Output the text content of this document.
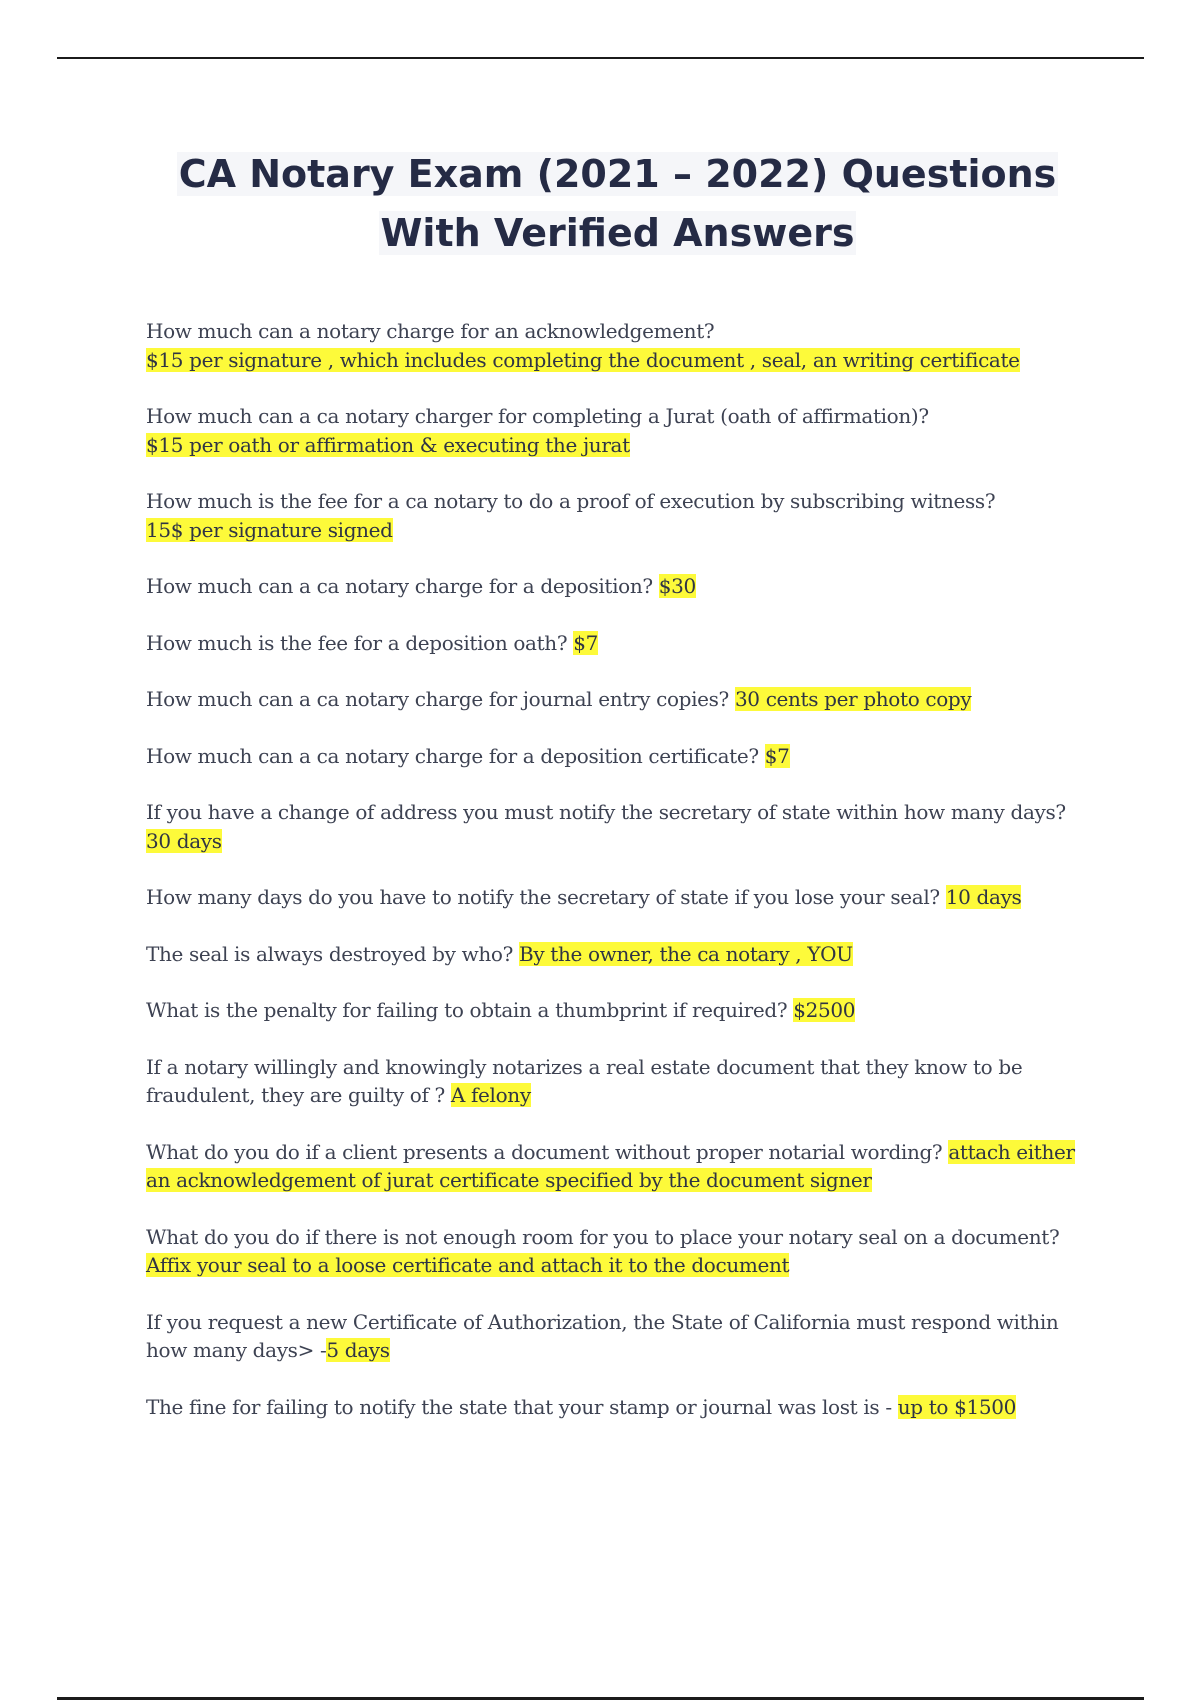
CA Notary Exam (2021 – 2022) Questions
With Verified Answers
How much can a notary charge for an acknowledgement?
$15 per signature , which includes completing the document , seal, an writing certificate
How much can a ca notary charger for completing a Jurat (oath of affirmation)?
$15 per oath or affirmation & executing the jurat
How much is the fee for a ca notary to do a proof of execution by subscribing witness?
15$ per signature signed
How much can a ca notary charge for a deposition? $30
How much is the fee for a deposition oath? $7
How much can a ca notary charge for journal entry copies? 30 cents per photo copy
How much can a ca notary charge for a deposition certificate? $7
If you have a change of address you must notify the secretary of state within how many days? 30 days
How many days do you have to notify the secretary of state if you lose your seal? 10 days
The seal is always destroyed by who? By the owner, the ca notary , YOU
What is the penalty for failing to obtain a thumbprint if required? $2500
If a notary willingly and knowingly notarizes a real estate document that they know to be fraudulent, they are guilty of ? A felony
What do you do if a client presents a document without proper notarial wording? attach either an acknowledgement of jurat certificate specified by the document signer
What do you do if there is not enough room for you to place your notary seal on a document? Affix your seal to a loose certificate and attach it to the document
If you request a new Certificate of Authorization, the State of California must respond within how many days> -5 days
The fine for failing to notify the state that your stamp or journal was lost is - up to $1500
